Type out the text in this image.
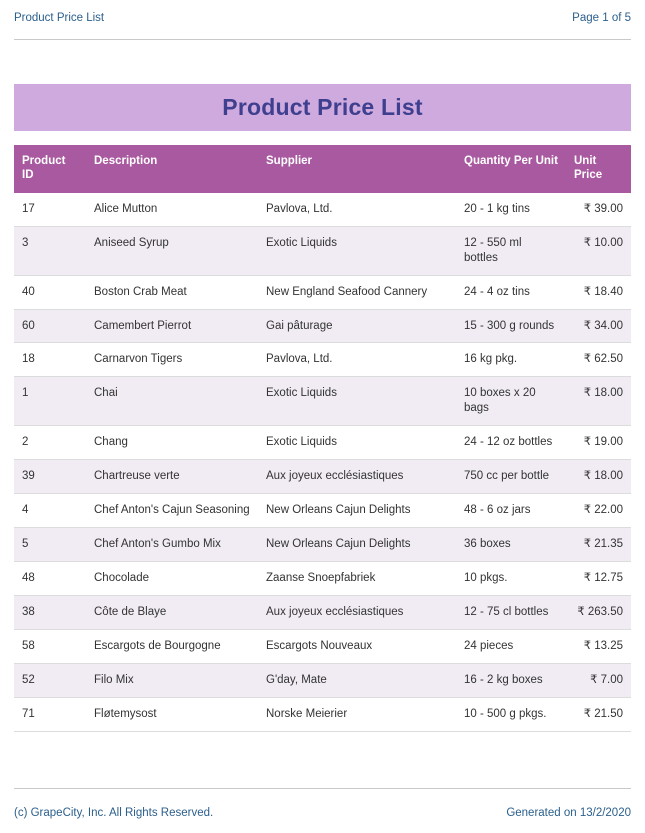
Product Price List	Page 1 of 5
Product Price List
Product ID	Description	Supplier	Quantity Per Unit	Unit Price
17	Alice Mutton	Pavlova, Ltd.	20 - 1 kg tins	₹ 39.00
3	Aniseed Syrup	Exotic Liquids	12 - 550 ml bottles	₹ 10.00
40	Boston Crab Meat	New England Seafood Cannery	24 - 4 oz tins	₹ 18.40
60	Camembert Pierrot	Gai pâturage	15 - 300 g rounds	₹ 34.00
18	Carnarvon Tigers	Pavlova, Ltd.	16 kg pkg.	₹ 62.50
1	Chai	Exotic Liquids	10 boxes x 20 bags	₹ 18.00
2	Chang	Exotic Liquids	24 - 12 oz bottles	₹ 19.00
39	Chartreuse verte	Aux joyeux ecclésiastiques	750 cc per bottle	₹ 18.00
4	Chef Anton's Cajun Seasoning	New Orleans Cajun Delights	48 - 6 oz jars	₹ 22.00
5	Chef Anton's Gumbo Mix	New Orleans Cajun Delights	36 boxes	₹ 21.35
48	Chocolade	Zaanse Snoepfabriek	10 pkgs.	₹ 12.75
38	Côte de Blaye	Aux joyeux ecclésiastiques	12 - 75 cl bottles	₹ 263.50
58	Escargots de Bourgogne	Escargots Nouveaux	24 pieces	₹ 13.25
52	Filo Mix	G'day, Mate	16 - 2 kg boxes	₹ 7.00
71	Fløtemysost	Norske Meierier	10 - 500 g pkgs.	₹ 21.50
(c) GrapeCity, Inc. All Rights Reserved.	Generated on 13/2/2020
